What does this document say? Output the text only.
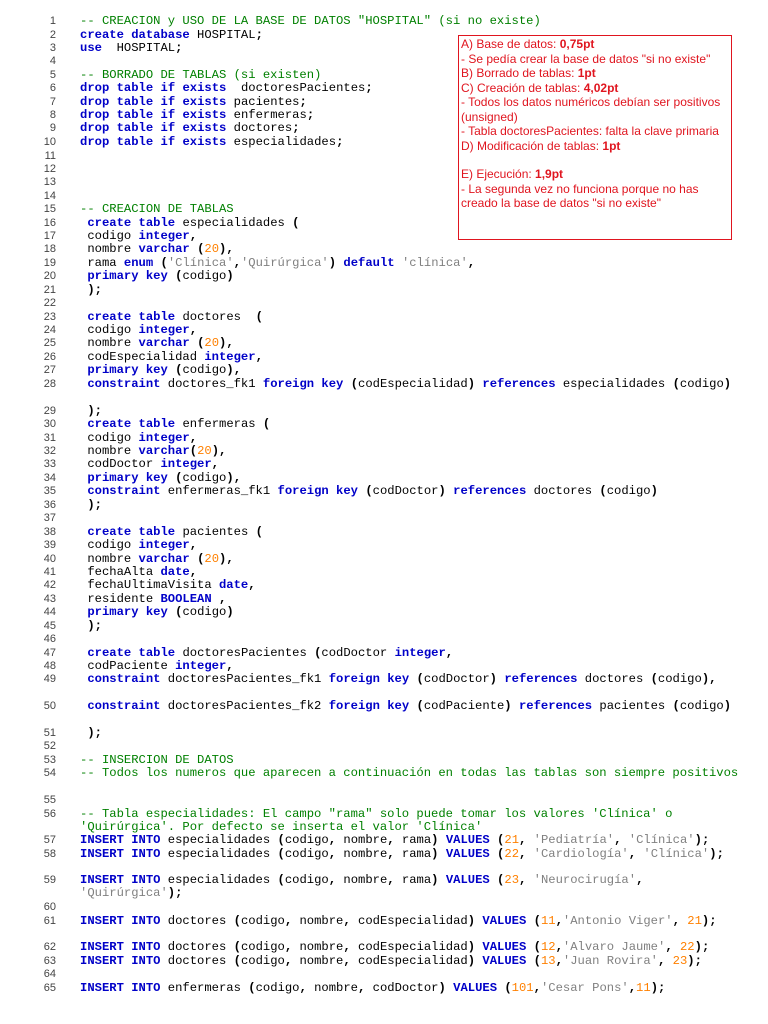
1 -- CREACION y USO DE LA BASE DE DATOS "HOSPITAL" (si no existe)
2 create database HOSPITAL;
3 use  HOSPITAL;
4
5 -- BORRADO DE TABLAS (si existen)
6 drop table if exists  doctoresPacientes;
7 drop table if exists pacientes;
8 drop table if exists enfermeras;
9 drop table if exists doctores;
10 drop table if exists especialidades;
11
12
13
14
15 -- CREACION DE TABLAS
16	create table especialidades (
17 codigo integer,
18 nombre varchar (20),
19 rama enum ('Clínica','Quirúrgica') default 'clínica',
20	primary key (codigo)
21	);
22
23	create table doctores  (
24 codigo integer,
25 nombre varchar (20),
26 codEspecialidad integer,
27	primary key (codigo),
28	constraint doctores_fk1 foreign key (codEspecialidad) references especialidades (codigo)
29	);
30	create table enfermeras (
31 codigo integer,
32 nombre varchar(20),
33 codDoctor integer,
34	primary key (codigo),
35	constraint enfermeras_fk1 foreign key (codDoctor) references doctores (codigo)
36	);
37
38	create table pacientes (
39 codigo integer,
40 nombre varchar (20),
41 fechaAlta date,
42 fechaUltimaVisita date,
43 residente BOOLEAN ,
44	primary key (codigo)
45	);
46
47	create table doctoresPacientes (codDoctor integer,
48 codPaciente integer,
49	constraint doctoresPacientes_fk1 foreign key (codDoctor) references doctores (codigo),
50	constraint doctoresPacientes_fk2 foreign key (codPaciente) references pacientes (codigo)
51	);
52
53 -- INSERCION DE DATOS
54 -- Todos los numeros que aparecen a continuación en todas las tablas son siempre positivos
55
56 -- Tabla especialidades: El campo "rama" solo puede tomar los valores 'Clínica' o 'Quirúrgica'. Por defecto se inserta el valor 'Clínica'
57 INSERT INTO especialidades (codigo, nombre, rama) VALUES (21, 'Pediatría', 'Clínica');
58 INSERT INTO especialidades (codigo, nombre, rama) VALUES (22, 'Cardiología', 'Clínica');
59 INSERT INTO especialidades (codigo, nombre, rama) VALUES (23, 'Neurocirugía', 'Quirúrgica');
60
61 INSERT INTO doctores (codigo, nombre, codEspecialidad) VALUES (11,'Antonio Viger', 21);
62 INSERT INTO doctores (codigo, nombre, codEspecialidad) VALUES (12,'Alvaro Jaume', 22);
63 INSERT INTO doctores (codigo, nombre, codEspecialidad) VALUES (13,'Juan Rovira', 23);
64
65 INSERT INTO enfermeras (codigo, nombre, codDoctor) VALUES (101,'Cesar Pons',11);
A) Base de datos: 0,75pt
- Se pedía crear la base de datos "si no existe"
B) Borrado de tablas: 1pt
C) Creación de tablas: 4,02pt
- Todos los datos numéricos debían ser positivos (unsigned)
- Tabla doctoresPacientes: falta la clave primaria
D) Modificación de tablas: 1pt
E) Ejecución: 1,9pt
- La segunda vez no funciona porque no has creado la base de datos "si no existe"
